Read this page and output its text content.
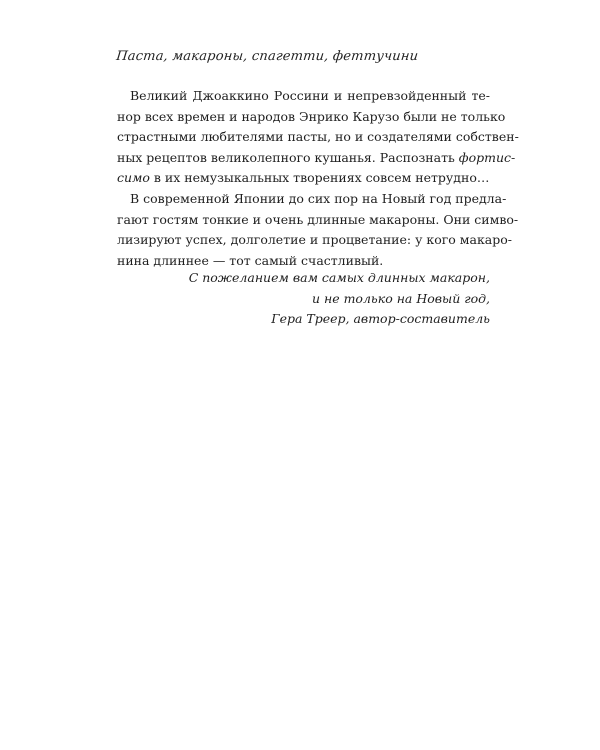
Паста, макароны, спагетти, феттучини

Великий Джоаккино Россини и непревзойденный те-
нор всех времен и народов Энрико Карузо были не только
страстными любителями пасты, но и создателями собствен-
ных рецептов великолепного кушанья. Распознать фортис-
симо в их немузыкальных творениях совсем нетрудно…

В современной Японии до сих пор на Новый год предла-
гают гостям тонкие и очень длинные макароны. Они симво-
лизируют успех, долголетие и процветание: у кого макаро-
нина длиннее — тот самый счастливый.

С пожеланием вам самых длинных макарон,
и не только на Новый год,
Гера Треер, автор-составитель
